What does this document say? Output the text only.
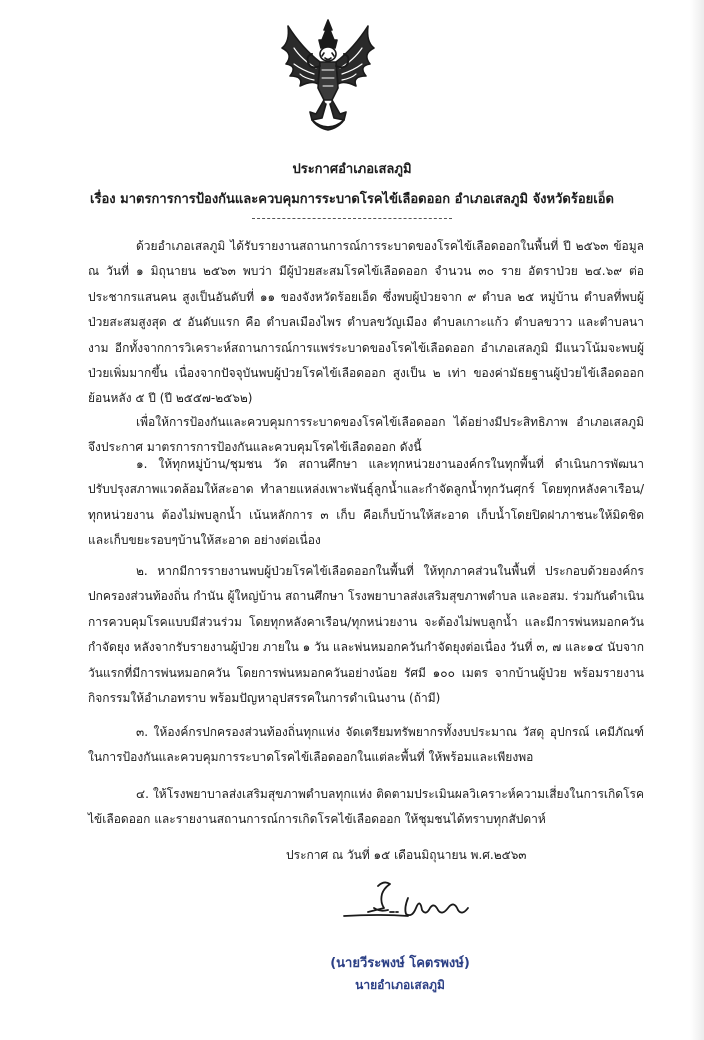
ประกาศอำเภอเสลภูมิ
เรื่อง มาตรการการป้องกันและควบคุมการระบาดโรคไข้เลือดออก อำเภอเสลภูมิ จังหวัดร้อยเอ็ด

ด้วยอำเภอเสลภูมิ ได้รับรายงานสถานการณ์การระบาดของโรคไข้เลือดออกในพื้นที่ ปี ๒๕๖๓ ข้อมูล ณ วันที่ ๑ มิถุนายน ๒๕๖๓ พบว่า มีผู้ป่วยสะสมโรคไข้เลือดออก จำนวน ๓๐ ราย อัตราป่วย ๒๔.๖๙ ต่อประชากรแสนคน สูงเป็นอันดับที่ ๑๑ ของจังหวัดร้อยเอ็ด ซึ่งพบผู้ป่วยจาก ๙ ตำบล ๒๕ หมู่บ้าน ตำบลที่พบผู้ป่วยสะสมสูงสุด ๕ อันดับแรก คือ ตำบลเมืองไพร ตำบลขวัญเมือง ตำบลเกาะแก้ว ตำบลขวาว และตำบลนางาม อีกทั้งจากการวิเคราะห์สถานการณ์การแพร่ระบาดของโรคไข้เลือดออก อำเภอเสลภูมิ มีแนวโน้มจะพบผู้ป่วยเพิ่มมากขึ้น เนื่องจากปัจจุบันพบผู้ป่วยโรคไข้เลือดออก สูงเป็น ๒ เท่า ของค่ามัธยฐานผู้ป่วยไข้เลือดออกย้อนหลัง ๕ ปี (ปี ๒๕๕๗-๒๕๖๒)

เพื่อให้การป้องกันและควบคุมการระบาดของโรคไข้เลือดออก ได้อย่างมีประสิทธิภาพ อำเภอเสลภูมิ จึงประกาศ มาตรการการป้องกันและควบคุมโรคไข้เลือดออก ดังนี้

๑. ให้ทุกหมู่บ้าน/ชุมชน วัด สถานศึกษา และทุกหน่วยงานองค์กรในทุกพื้นที่ ดำเนินการพัฒนาปรับปรุงสภาพแวดล้อมให้สะอาด ทำลายแหล่งเพาะพันธุ์ลูกน้ำและกำจัดลูกน้ำทุกวันศุกร์ โดยทุกหลังคาเรือน/ทุกหน่วยงาน ต้องไม่พบลูกน้ำ เน้นหลักการ ๓ เก็บ คือเก็บบ้านให้สะอาด เก็บน้ำโดยปิดฝาภาชนะให้มิดชิด และเก็บขยะรอบๆบ้านให้สะอาด อย่างต่อเนื่อง

๒. หากมีการรายงานพบผู้ป่วยโรคไข้เลือดออกในพื้นที่ ให้ทุกภาคส่วนในพื้นที่ ประกอบด้วยองค์กรปกครองส่วนท้องถิ่น กำนัน ผู้ใหญ่บ้าน สถานศึกษา โรงพยาบาลส่งเสริมสุขภาพตำบล และอสม. ร่วมกันดำเนินการควบคุมโรคแบบมีส่วนร่วม โดยทุกหลังคาเรือน/ทุกหน่วยงาน จะต้องไม่พบลูกน้ำ และมีการพ่นหมอกควันกำจัดยุง หลังจากรับรายงานผู้ป่วย ภายใน ๑ วัน และพ่นหมอกควันกำจัดยุงต่อเนื่อง วันที่ ๓, ๗ และ๑๔ นับจากวันแรกที่มีการพ่นหมอกควัน โดยการพ่นหมอกควันอย่างน้อย รัศมี ๑๐๐ เมตร จากบ้านผู้ป่วย พร้อมรายงานกิจกรรมให้อำเภอทราบ พร้อมปัญหาอุปสรรคในการดำเนินงาน (ถ้ามี)

๓. ให้องค์กรปกครองส่วนท้องถิ่นทุกแห่ง จัดเตรียมทรัพยากรทั้งงบประมาณ วัสดุ อุปกรณ์ เคมีภัณฑ์ ในการป้องกันและควบคุมการระบาดโรคไข้เลือดออกในแต่ละพื้นที่ ให้พร้อมและเพียงพอ

๔. ให้โรงพยาบาลส่งเสริมสุขภาพตำบลทุกแห่ง ติดตามประเมินผลวิเคราะห์ความเสี่ยงในการเกิดโรคไข้เลือดออก และรายงานสถานการณ์การเกิดโรคไข้เลือดออก ให้ชุมชนได้ทราบทุกสัปดาห์

ประกาศ ณ วันที่ ๑๕ เดือนมิถุนายน พ.ศ.๒๕๖๓
(นายวีระพงษ์ โคตรพงษ์)
นายอำเภอเสลภูมิ
